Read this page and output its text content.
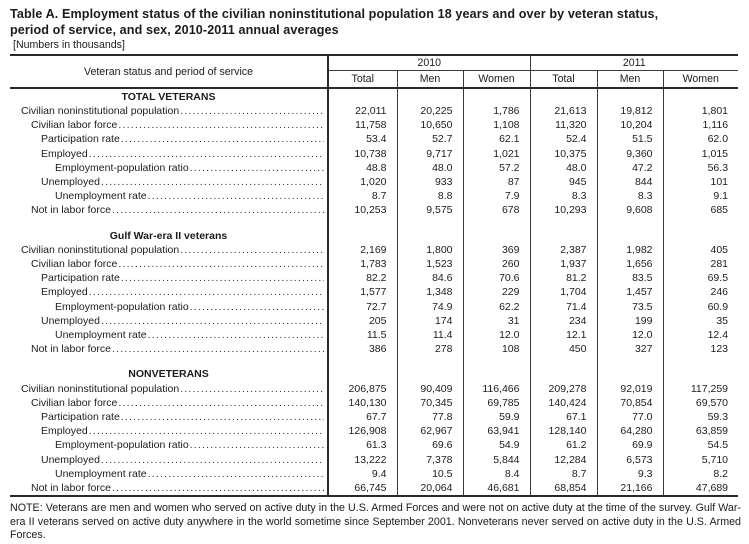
Table A. Employment status of the civilian noninstitutional population 18 years and over by veteran status,
period of service, and sex, 2010-2011 annual averages
[Numbers in thousands]
Veteran status and period of service	2010			2011		
	Total	Men	Women	Total	Men	Women
TOTAL VETERANS						

Civilian noninstitutional population
.....	22,011	20,225	1,786	21,613	19,812	1,801

Civilian labor force
.....	11,758	10,650	1,108	11,320	10,204	1,116

Participation rate
.....	53.4	52.7	62.1	52.4	51.5	62.0

Employed
.....	10,738	9,717	1,021	10,375	9,360	1,015

Employment-population ratio
.....	48.8	48.0	57.2	48.0	47.2	56.3

Unemployed
.....	1,020	933	87	945	844	101

Unemployment rate
.....	8.7	8.8	7.9	8.3	8.3	9.1

Not in labor force
.....	10,253	9,575	678	10,293	9,608	685
Gulf War-era II veterans						

Civilian noninstitutional population
.....	2,169	1,800	369	2,387	1,982	405

Civilian labor force
.....	1,783	1,523	260	1,937	1,656	281

Participation rate
.....	82.2	84.6	70.6	81.2	83.5	69.5

Employed
.....	1,577	1,348	229	1,704	1,457	246

Employment-population ratio
.....	72.7	74.9	62.2	71.4	73.5	60.9

Unemployed
.....	205	174	31	234	199	35

Unemployment rate
.....	11.5	11.4	12.0	12.1	12.0	12.4

Not in labor force
.....	386	278	108	450	327	123
NONVETERANS						

Civilian noninstitutional population
.....	206,875	90,409	116,466	209,278	92,019	117,259

Civilian labor force
.....	140,130	70,345	69,785	140,424	70,854	69,570

Participation rate
.....	67.7	77.8	59.9	67.1	77.0	59.3

Employed
.....	126,908	62,967	63,941	128,140	64,280	63,859

Employment-population ratio
.....	61.3	69.6	54.9	61.2	69.9	54.5

Unemployed
.....	13,222	7,378	5,844	12,284	6,573	5,710

Unemployment rate
.....	9.4	10.5	8.4	8.7	9.3	8.2

Not in labor force
.....	66,745	20,064	46,681	68,854	21,166	47,689

NOTE: Veterans are men and women who served on active duty in the U.S. Armed Forces and were not on active duty at the time of the survey. Gulf War-era II veterans served on active duty anywhere in the world sometime since September 2001. Nonveterans never served on active duty in the U.S. Armed Forces.
